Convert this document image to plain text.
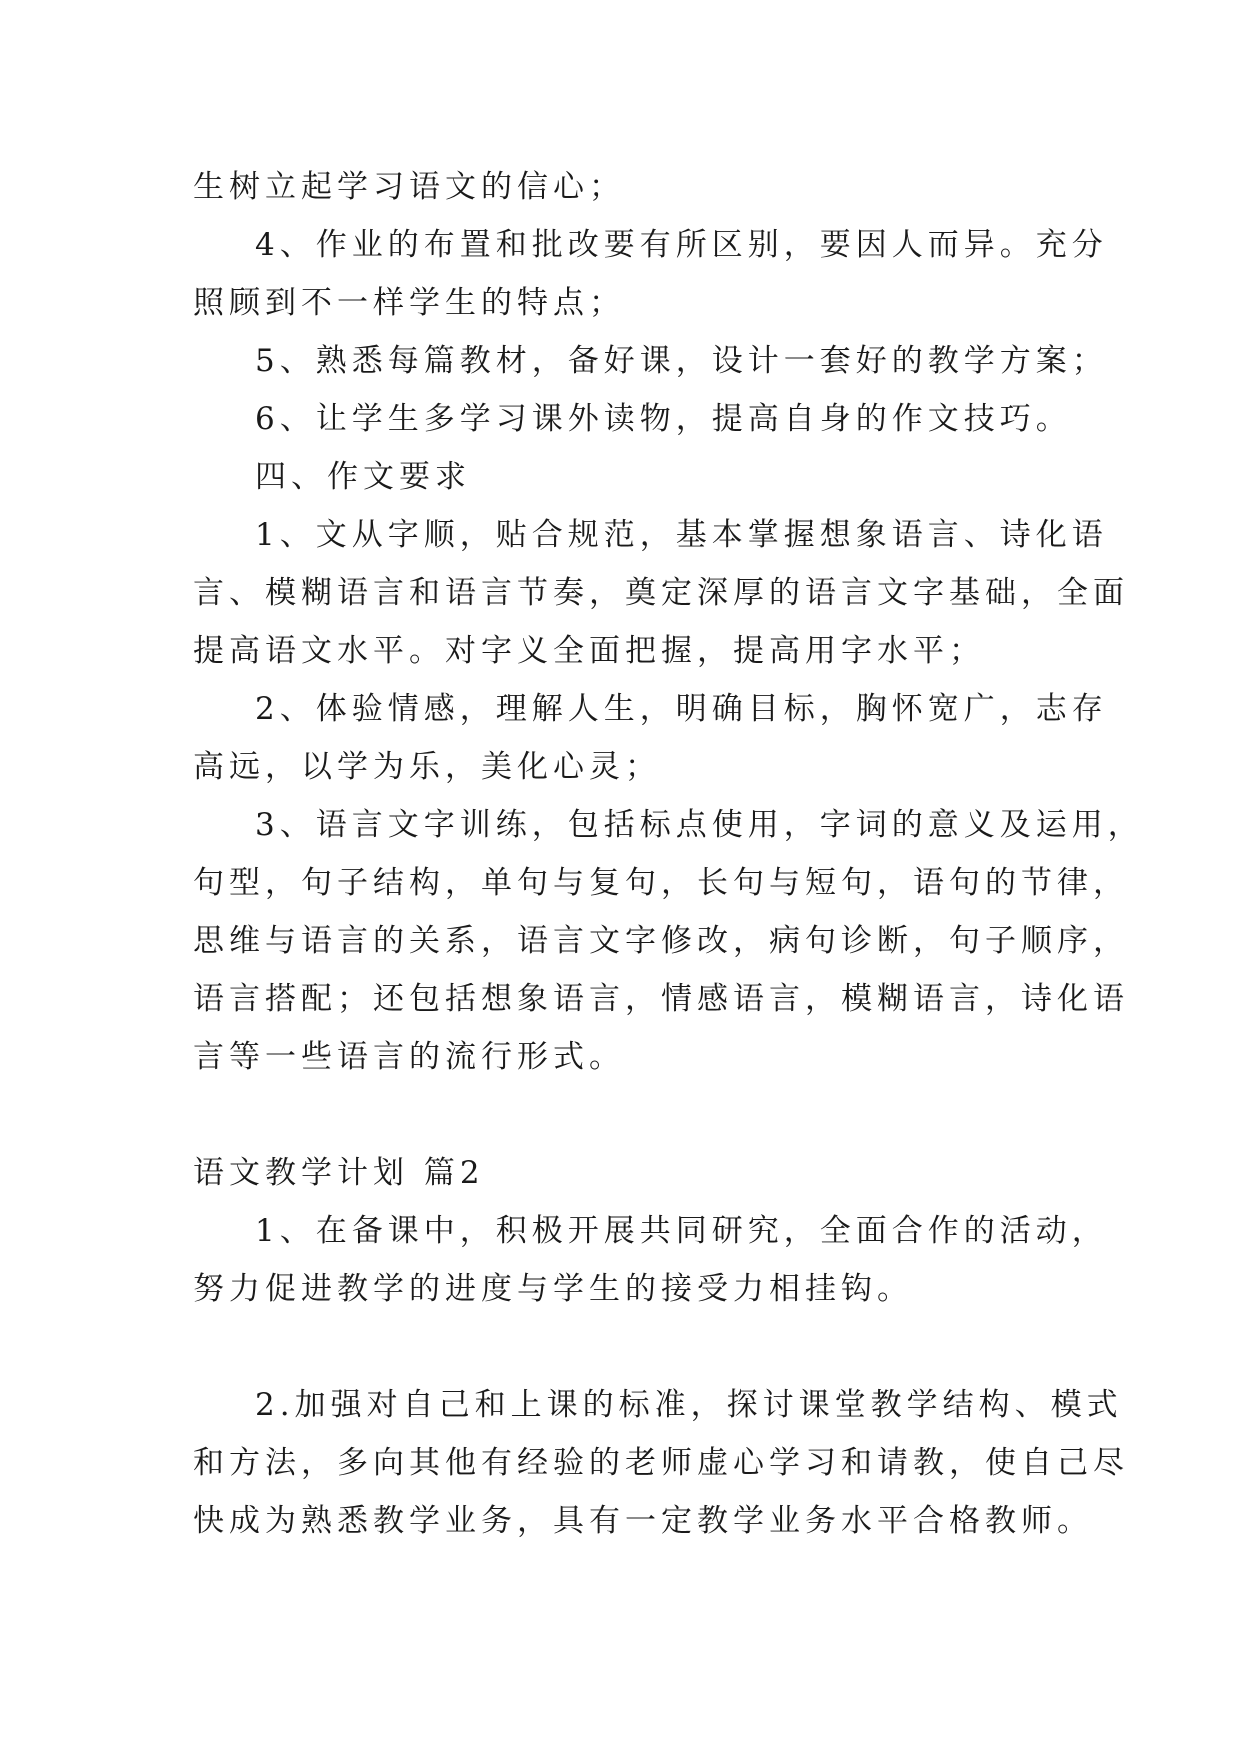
生树立起学习语文的信心；

4、作业的布置和批改要有所区别，要因人而异。充分

照顾到不一样学生的特点；

5、熟悉每篇教材，备好课，设计一套好的教学方案；

6、让学生多学习课外读物，提高自身的作文技巧。

四、作文要求

1、文从字顺，贴合规范，基本掌握想象语言、诗化语

言、模糊语言和语言节奏，奠定深厚的语言文字基础，全面

提高语文水平。对字义全面把握，提高用字水平；

2、体验情感，理解人生，明确目标，胸怀宽广，志存

高远，以学为乐，美化心灵；

3、语言文字训练，包括标点使用，字词的意义及运用，

句型，句子结构，单句与复句，长句与短句，语句的节律，

思维与语言的关系，语言文字修改，病句诊断，句子顺序，

语言搭配；还包括想象语言，情感语言，模糊语言，诗化语

言等一些语言的流行形式。

语文教学计划 篇2

1、在备课中，积极开展共同研究，全面合作的活动，

努力促进教学的进度与学生的接受力相挂钩。

2.加强对自己和上课的标准，探讨课堂教学结构、模式

和方法，多向其他有经验的老师虚心学习和请教，使自己尽

快成为熟悉教学业务，具有一定教学业务水平合格教师。
